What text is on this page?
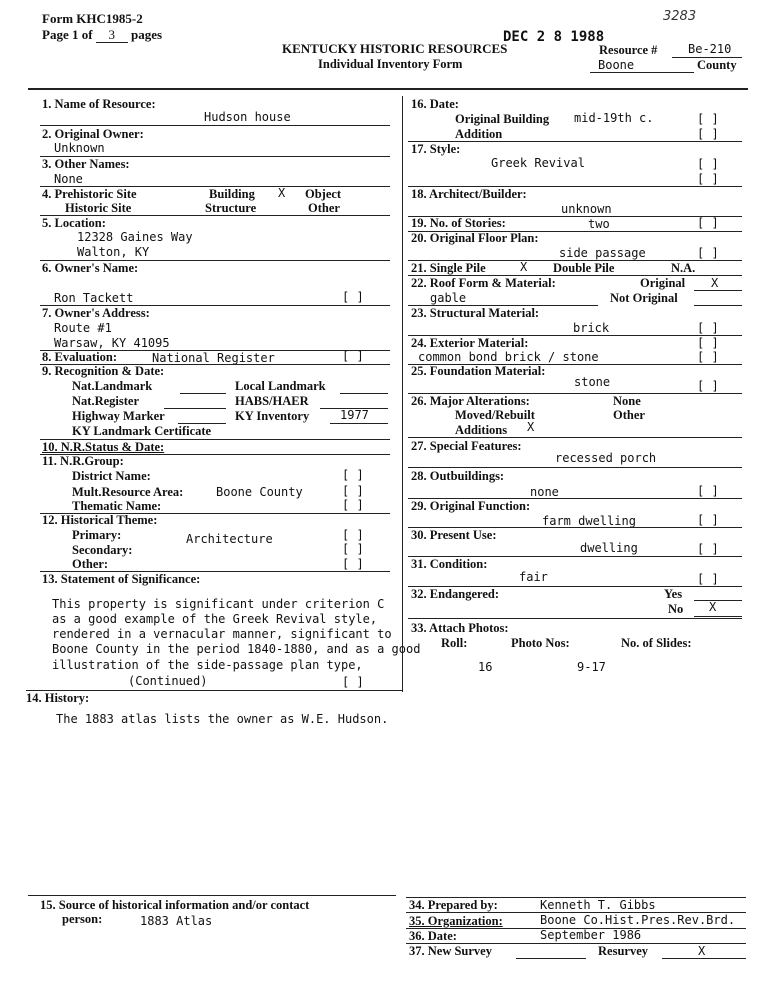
Form KHC1985-2
Page 1 of 3 pages	DEC 2 8 1988
3283
KENTUCKY HISTORIC RESOURCES
Individual Inventory Form
Resource #	Be-210
Boone	County
1. Name of Resource:
Hudson house
2. Original Owner:
Unknown
3. Other Names:
None
4. Prehistoric Site
Historic Site
Building X Object
Structure	Other
5. Location:
12328 Gaines Way
Walton, KY
6. Owner's Name:
Ron Tackett	[ ]
7. Owner's Address:
Route #1
Warsaw, KY 41095
8. Evaluation:	National Register	[ ]
9. Recognition & Date:
Nat.Landmark	Local Landmark
Nat.Register	HABS/HAER
Highway Marker	KY Inventory	1977
KY Landmark Certificate
10. N.R.Status & Date:
11. N.R.Group:
District Name:	[ ]
Mult.Resource Area:	Boone County	[ ]
Thematic Name:	[ ]
12. Historical Theme:
Primary:	Architecture	[ ]
Secondary:	[ ]
Other:	[ ]
13. Statement of Significance:
This property is significant under criterion C
as a good example of the Greek Revival style,
rendered in a vernacular manner, significant to
Boone County in the period 1840-1880, and as a good
illustration of the side-passage plan type,
(Continued)	[ ]
14. History:
The 1883 atlas lists the owner as W.E. Hudson.
15. Source of historical information and/or contact
person:	1883 Atlas
16. Date:
Original Building mid-19th c.	[ ]
Addition	[ ]
17. Style:
Greek Revival	[ ]
[ ]
18. Architect/Builder:
unknown
19. No. of Stories:	two	[ ]
20. Original Floor Plan:
side passage	[ ]
21. Single Pile	X Double Pile	N.A.
22. Roof Form & Material:	Original X
gable	Not Original
23. Structural Material:
brick	[ ]
24. Exterior Material:	[ ]
common bond brick / stone	[ ]
25. Foundation Material:
stone	[ ]
26. Major Alterations:	None
Moved/Rebuilt	Other
Additions X
27. Special Features:
recessed porch
28. Outbuildings:
none	[ ]
29. Original Function:
farm dwelling	[ ]
30. Present Use:
dwelling	[ ]
31. Condition:
fair	[ ]
32. Endangered:	Yes
No X
33. Attach Photos:
Roll:	Photo Nos:	No. of Slides:
16	9-17
34. Prepared by:	Kenneth T. Gibbs
35. Organization:	Boone Co.Hist.Pres.Rev.Brd.
36. Date:	September 1986
37. New Survey	Resurvey	X
